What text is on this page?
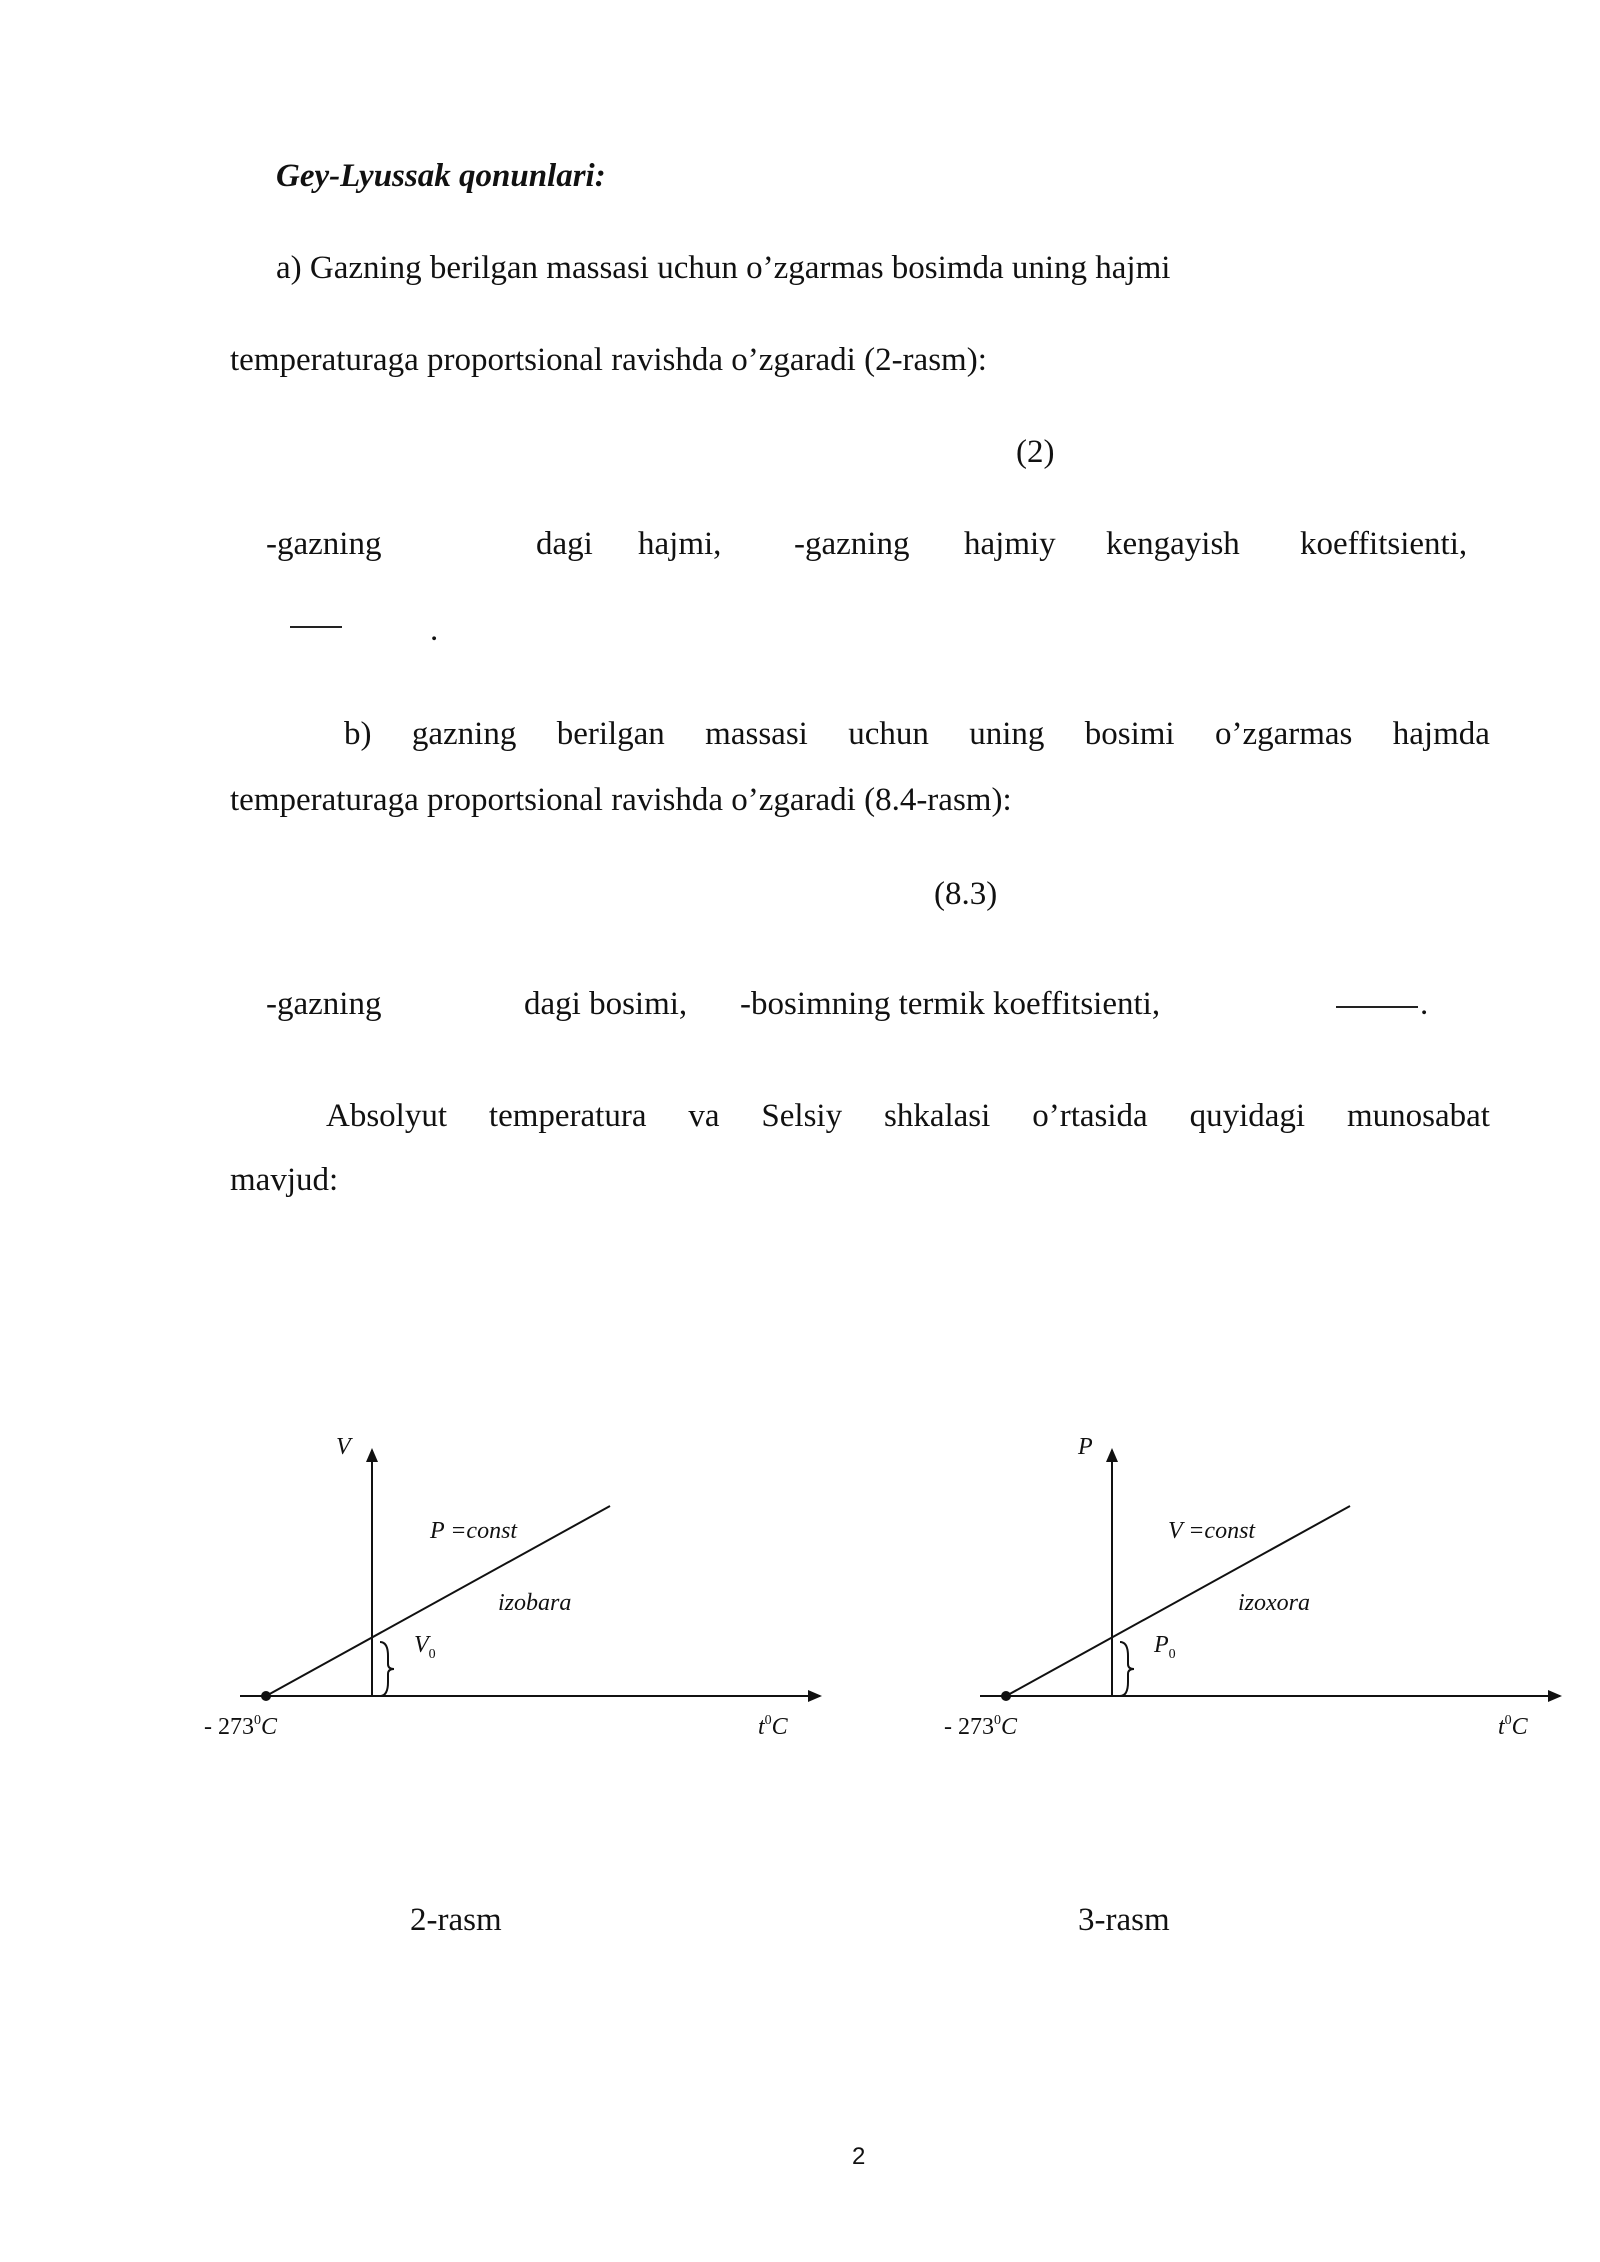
Gey-Lyussak qonunlari:
a) Gazning berilgan massasi uchun o’zgarmas bosimda uning hajmi
temperaturaga proportsional ravishda o’zgaradi (2-rasm):
(2)
-gazning	dagi hajmi, -gazning hajmiy kengayish koeffitsienti,
.
b) gazning berilgan massasi uchun uning bosimi o’zgarmas hajmda
temperaturaga proportsional ravishda o’zgaradi (8.4-rasm):
(8.3)
-gazning	dagi bosimi, -bosimning termik koeffitsienti,	.
Absolyut temperatura va Selsiy shkalasi o’rtasida quyidagi munosabat
mavjud:
V
P =const
izobara
$V_0$
- $273^0C$	$t^0C$
P
V =const
izoxora
$P_0$
- $273^0C$	$t^0C$
2-rasm	3-rasm
2
